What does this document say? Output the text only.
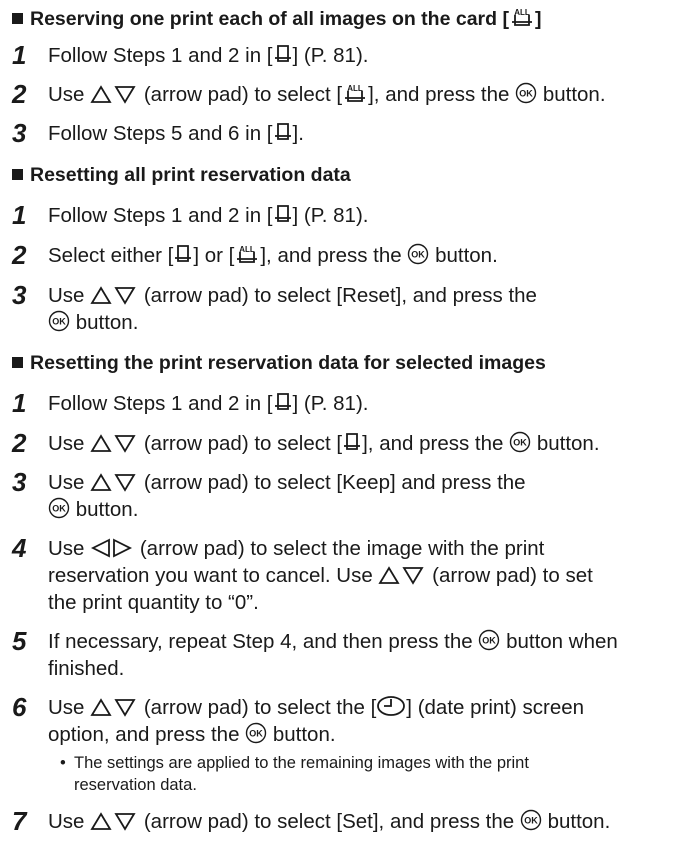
Reserving one print each of all images on the card [ ALL ]
1 Follow Steps 1 and 2 in [ ] (P. 81).
2 Use  (arrow pad) to select [ ALL ], and press the OK button.
3 Follow Steps 5 and 6 in [ ].
Resetting all print reservation data
1 Follow Steps 1 and 2 in [ ] (P. 81).
2 Select either [ ] or [ ALL ], and press the OK button.
3 Use  (arrow pad) to select [Reset], and press the

OK button.
Resetting the print reservation data for selected images
1 Follow Steps 1 and 2 in [ ] (P. 81).
2 Use  (arrow pad) to select [ ], and press the OK button.
3 Use  (arrow pad) to select [Keep] and press the

OK button.
4 Use  (arrow pad) to select the image with the print
reservation you want to cancel. Use  (arrow pad) to set
the print quantity to “0”.
5 If necessary, repeat Step 4, and then press the OK button when
finished.
6 Use  (arrow pad) to select the [ ] (date print) screen
option, and press the OK button.
• The settings are applied to the remaining images with the print
reservation data.
7 Use  (arrow pad) to select [Set], and press the OK button.
